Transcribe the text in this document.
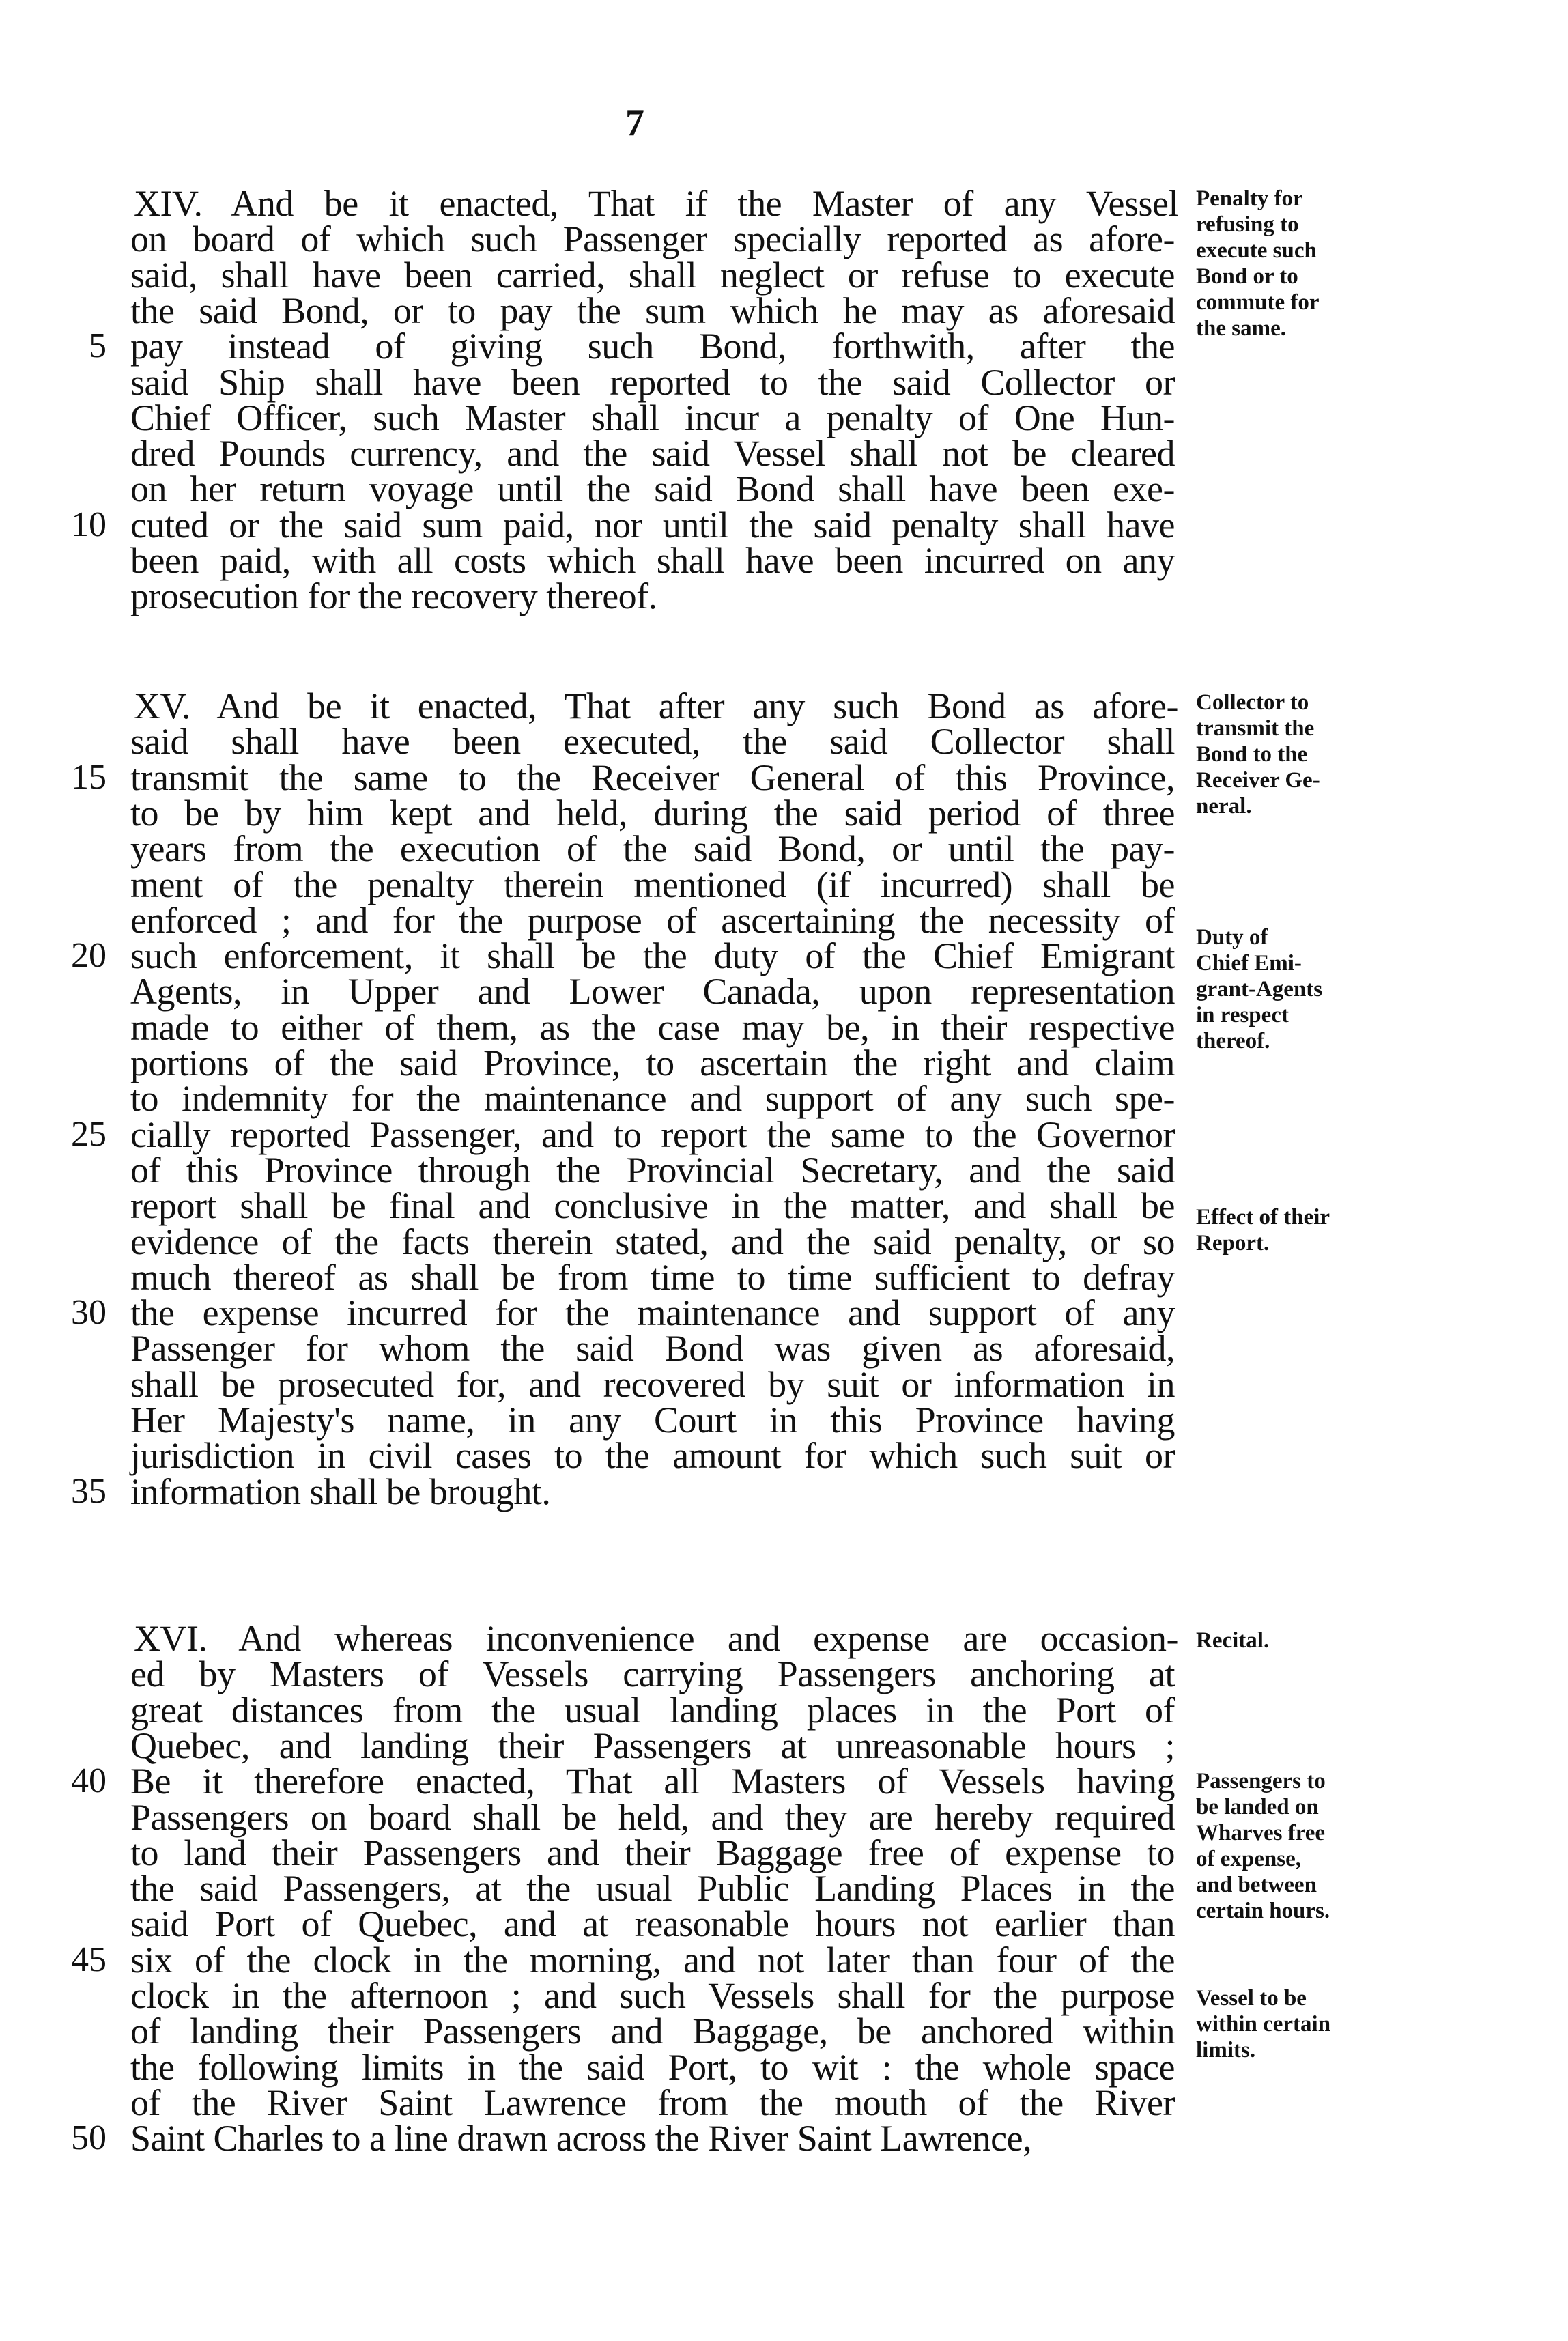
7
XIV. And be it enacted, That if the Master of any Vessel
on board of which such Passenger specially reported as afore-
said, shall have been carried, shall neglect or refuse to execute
the said Bond, or to pay the sum which he may as aforesaid
pay instead of giving such Bond, forthwith, after the
said Ship shall have been reported to the said Collector or
Chief Officer, such Master shall incur a penalty of One Hun-
dred Pounds currency, and the said Vessel shall not be cleared
on her return voyage until the said Bond shall have been exe-
cuted or the said sum paid, nor until the said penalty shall have
been paid, with all costs which shall have been incurred on any
prosecution for the recovery thereof.
XV. And be it enacted, That after any such Bond as afore-
said shall have been executed, the said Collector shall
transmit the same to the Receiver General of this Province,
to be by him kept and held, during the said period of three
years from the execution of the said Bond, or until the pay-
ment of the penalty therein mentioned (if incurred) shall be
enforced ; and for the purpose of ascertaining the necessity of
such enforcement, it shall be the duty of the Chief Emigrant
Agents, in Upper and Lower Canada, upon representation
made to either of them, as the case may be, in their respective
portions of the said Province, to ascertain the right and claim
to indemnity for the maintenance and support of any such spe-
cially reported Passenger, and to report the same to the Governor
of this Province through the Provincial Secretary, and the said
report shall be final and conclusive in the matter, and shall be
evidence of the facts therein stated, and the said penalty, or so
much thereof as shall be from time to time sufficient to defray
the expense incurred for the maintenance and support of any
Passenger for whom the said Bond was given as aforesaid,
shall be prosecuted for, and recovered by suit or information in
Her Majesty's name, in any Court in this Province having
jurisdiction in civil cases to the amount for which such suit or
information shall be brought.
XVI. And whereas inconvenience and expense are occasion-
ed by Masters of Vessels carrying Passengers anchoring at
great distances from the usual landing places in the Port of
Quebec, and landing their Passengers at unreasonable hours ;
Be it therefore enacted, That all Masters of Vessels having
Passengers on board shall be held, and they are hereby required
to land their Passengers and their Baggage free of expense to
the said Passengers, at the usual Public Landing Places in the
said Port of Quebec, and at reasonable hours not earlier than
six of the clock in the morning, and not later than four of the
clock in the afternoon ; and such Vessels shall for the purpose
of landing their Passengers and Baggage, be anchored within
the following limits in the said Port, to wit : the whole space
of the River Saint Lawrence from the mouth of the River
Saint Charles to a line drawn across the River Saint Lawrence,
5
10
15
20
25
30
35
40
45
50
Penalty for
refusing to
execute such
Bond or to
commute for
the same.
Collector to
transmit the
Bond to the
Receiver Ge-
neral.
Duty of
Chief Emi-
grant-Agents
in respect
thereof.
Effect of their
Report.
Recital.
Passengers to
be landed on
Wharves free
of expense,
and between
certain hours.
Vessel to be
within certain
limits.
